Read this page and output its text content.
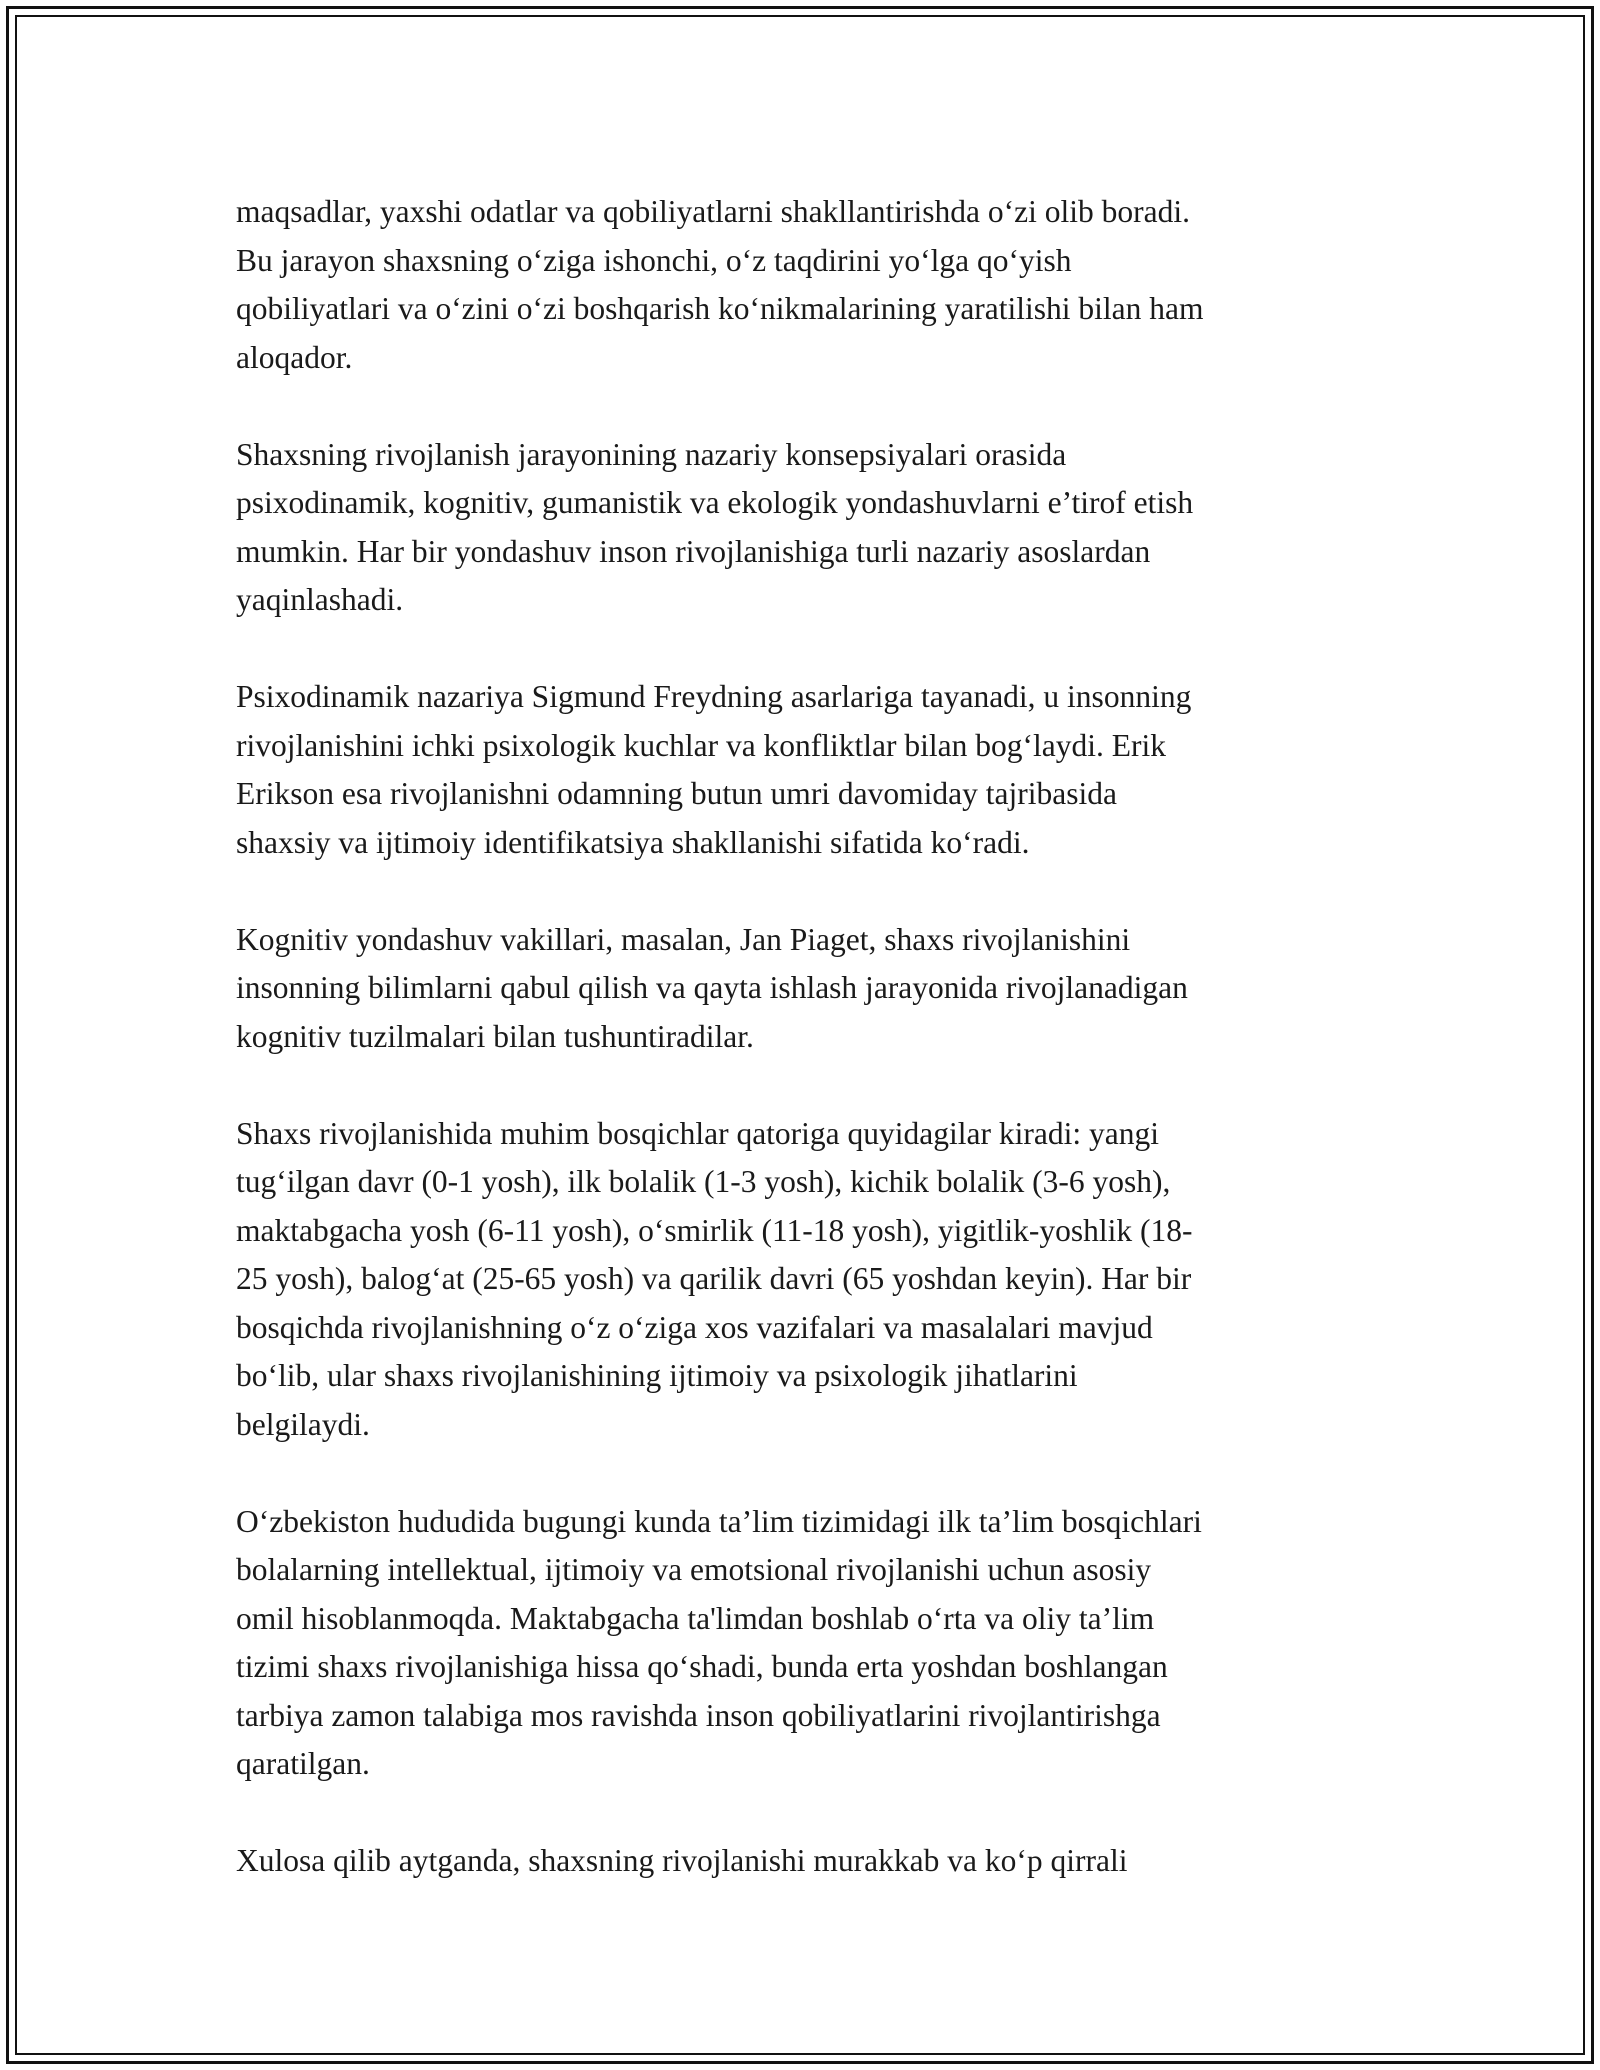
maqsadlar, yaxshi odatlar va qobiliyatlarni shakllantirishda o‘zi olib boradi.
Bu jarayon shaxsning o‘ziga ishonchi, o‘z taqdirini yo‘lga qo‘yish
qobiliyatlari va o‘zini o‘zi boshqarish ko‘nikmalarining yaratilishi bilan ham
aloqador.

Shaxsning rivojlanish jarayonining nazariy konsepsiyalari orasida
psixodinamik, kognitiv, gumanistik va ekologik yondashuvlarni e’tirof etish
mumkin. Har bir yondashuv inson rivojlanishiga turli nazariy asoslardan
yaqinlashadi.

Psixodinamik nazariya Sigmund Freydning asarlariga tayanadi, u insonning
rivojlanishini ichki psixologik kuchlar va konfliktlar bilan bog‘laydi. Erik
Erikson esa rivojlanishni odamning butun umri davomiday tajribasida
shaxsiy va ijtimoiy identifikatsiya shakllanishi sifatida ko‘radi.

Kognitiv yondashuv vakillari, masalan, Jan Piaget, shaxs rivojlanishini
insonning bilimlarni qabul qilish va qayta ishlash jarayonida rivojlanadigan
kognitiv tuzilmalari bilan tushuntiradilar.

Shaxs rivojlanishida muhim bosqichlar qatoriga quyidagilar kiradi: yangi
tug‘ilgan davr (0-1 yosh), ilk bolalik (1-3 yosh), kichik bolalik (3-6 yosh),
maktabgacha yosh (6-11 yosh), o‘smirlik (11-18 yosh), yigitlik-yoshlik (18-
25 yosh), balog‘at (25-65 yosh) va qarilik davri (65 yoshdan keyin). Har bir
bosqichda rivojlanishning o‘z o‘ziga xos vazifalari va masalalari mavjud
bo‘lib, ular shaxs rivojlanishining ijtimoiy va psixologik jihatlarini
belgilaydi.

O‘zbekiston hududida bugungi kunda ta’lim tizimidagi ilk ta’lim bosqichlari
bolalarning intellektual, ijtimoiy va emotsional rivojlanishi uchun asosiy
omil hisoblanmoqda. Maktabgacha ta'limdan boshlab o‘rta va oliy ta’lim
tizimi shaxs rivojlanishiga hissa qo‘shadi, bunda erta yoshdan boshlangan
tarbiya zamon talabiga mos ravishda inson qobiliyatlarini rivojlantirishga
qaratilgan.

Xulosa qilib aytganda, shaxsning rivojlanishi murakkab va ko‘p qirrali
